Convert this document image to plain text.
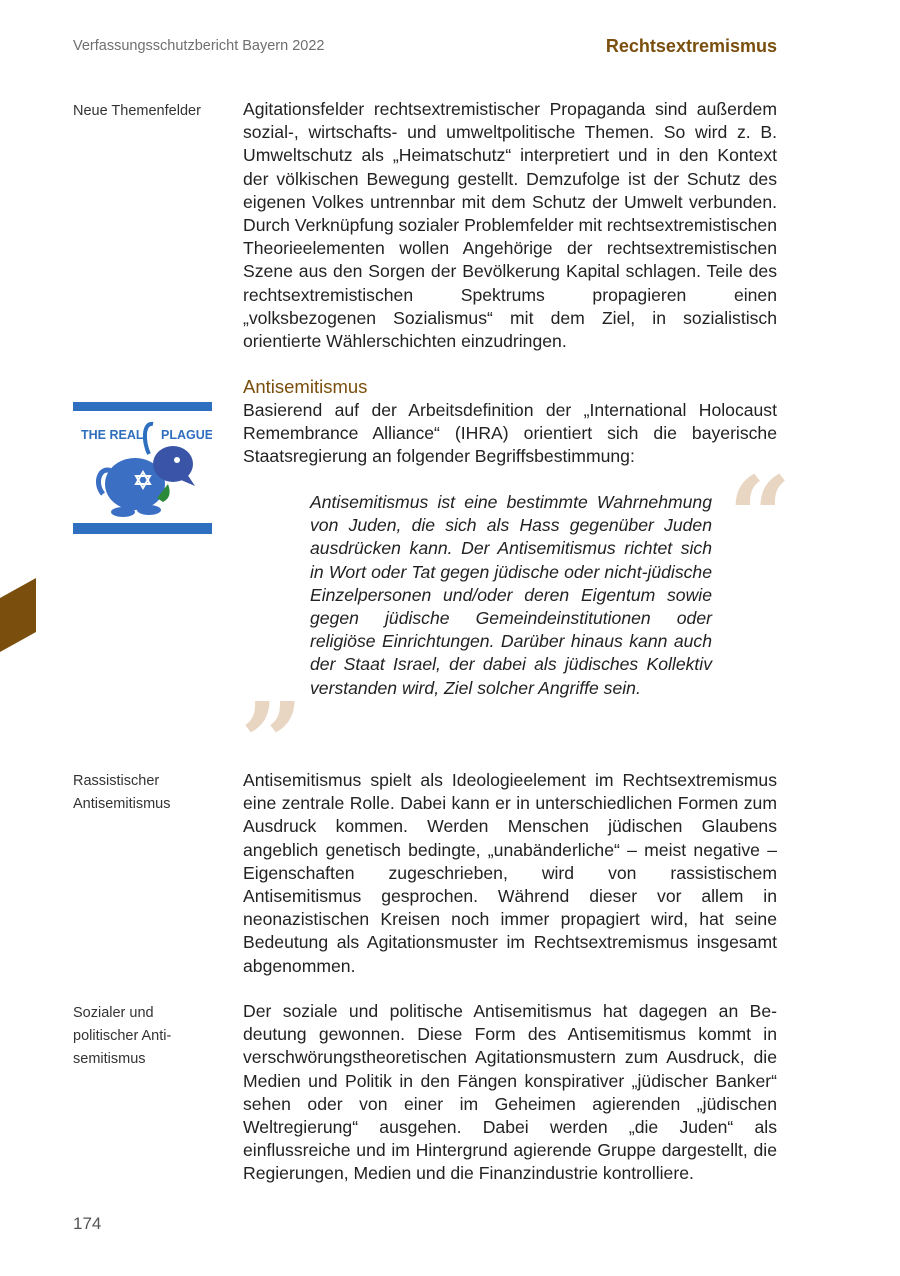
Verfassungsschutzbericht Bayern 2022	Rechtsextremismus
Neue Themenfelder
Rassistischer
Antisemitismus
Sozialer und
politischer Anti-
semitismus

Agitationsfelder rechtsextremistischer Propaganda sind außerdem sozial-, wirtschafts- und umweltpolitische Themen. So wird z. B. Umweltschutz als „Heimatschutz“ interpretiert und in den Kontext der völkischen Bewegung gestellt. Demzufolge ist der Schutz des eigenen Volkes untrennbar mit dem Schutz der Umwelt verbunden. Durch Verknüpfung sozialer Problemfelder mit rechtsextremistischen Theorieelementen wollen Angehörige der rechtsextremistischen Szene aus den Sorgen der Bevölkerung Kapital schlagen. Teile des rechtsextremistischen Spektrums propagieren einen „volksbezogenen Sozialismus“ mit dem Ziel, in sozialistisch orientierte Wählerschichten einzudringen.

Antisemitismus

Basierend auf der Arbeitsdefinition der „International Holocaust Remembrance Alliance“ (IHRA) orientiert sich die bayerische Staatsregierung an folgender Begriffsbestimmung:

THE REAL PLAGUE
“

Antisemitismus ist eine bestimmte Wahrnehmung von Juden, die sich als Hass gegenüber Juden ausdrücken kann. Der Antisemitismus richtet sich in Wort oder Tat gegen jüdische oder nicht-jüdische Einzelpersonen und/oder deren Eigentum sowie gegen jüdische Gemeindeinstitutionen oder religiöse Einrichtungen. Darüber hinaus kann auch der Staat Israel, der dabei als jüdisches Kollektiv verstanden wird, Ziel solcher Angriffe sein.

”

Antisemitismus spielt als Ideologieelement im Rechtsextremismus eine zentrale Rolle. Dabei kann er in unterschiedlichen Formen zum Ausdruck kommen. Werden Menschen jüdischen Glaubens angeblich genetisch bedingte, „unabänderliche“ – meist negative – Eigenschaften zugeschrieben, wird von rassistischem Antisemitismus gesprochen. Während dieser vor allem in neonazistischen Kreisen noch immer propagiert wird, hat seine Bedeutung als Agitationsmuster im Rechtsextremismus insgesamt abgenommen.

Der soziale und politische Antisemitismus hat dagegen an Bedeutung gewonnen. Diese Form des Antisemitismus kommt in verschwörungstheoretischen Agitationsmustern zum Ausdruck, die Medien und Politik in den Fängen konspirativer „jüdischer Banker“ sehen oder von einer im Geheimen agierenden „jüdischen Weltregierung“ ausgehen. Dabei werden „die Juden“ als einflussreiche und im Hintergrund agierende Gruppe dargestellt, die Regierungen, Medien und die Finanzindustrie kontrolliere.

174
